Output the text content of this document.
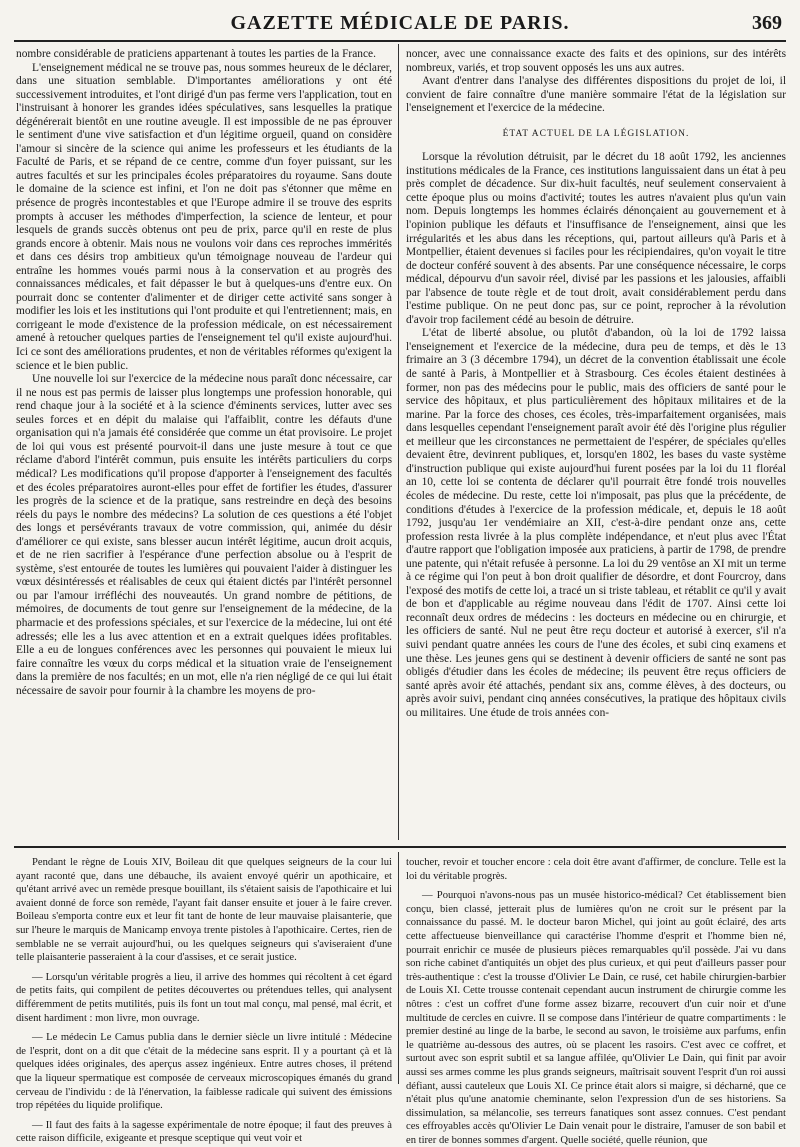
GAZETTE MÉDICALE DE PARIS.	369

nombre considérable de praticiens appartenant à toutes les parties de la France.

L'enseignement médical ne se trouve pas, nous sommes heureux de le déclarer, dans une situation semblable. D'importantes améliorations y ont été successivement introduites, et l'ont dirigé d'un pas ferme vers l'application, tout en l'instruisant à honorer les grandes idées spéculatives, sans lesquelles la pratique dégénérerait bientôt en une routine aveugle. Il est impossible de ne pas éprouver le sentiment d'une vive satisfaction et d'un légitime orgueil, quand on considère l'amour si sincère de la science qui anime les professeurs et les étudiants de la Faculté de Paris, et se répand de ce centre, comme d'un foyer puissant, sur les autres facultés et sur les principales écoles préparatoires du royaume. Sans doute le domaine de la science est infini, et l'on ne doit pas s'étonner que même en présence de progrès incontestables et que l'Europe admire il se trouve des esprits prompts à accuser les méthodes d'imperfection, la science de lenteur, et pour lesquels de grands succès obtenus ont peu de prix, parce qu'il en reste de plus grands encore à obtenir. Mais nous ne voulons voir dans ces reproches immérités et dans ces désirs trop ambitieux qu'un témoignage nouveau de l'ardeur qui entraîne les hommes voués parmi nous à la conservation et au progrès des connaissances médicales, et fait dépasser le but à quelques-uns d'entre eux. On pourrait donc se contenter d'alimenter et de diriger cette activité sans songer à modifier les lois et les institutions qui l'ont produite et qui l'entretiennent; mais, en corrigeant le mode d'existence de la profession médicale, on est nécessairement amené à retoucher quelques parties de l'enseignement tel qu'il existe aujourd'hui. Ici ce sont des améliorations prudentes, et non de véritables réformes qu'exigent la science et le bien public.

Une nouvelle loi sur l'exercice de la médecine nous paraît donc nécessaire, car il ne nous est pas permis de laisser plus longtemps une profession honorable, qui rend chaque jour à la société et à la science d'éminents services, lutter avec ses seules forces et en dépit du malaise qui l'affaiblit, contre les défauts d'une organisation qui n'a jamais été considérée que comme un état provisoire. Le projet de loi qui vous est présenté pourvoit-il dans une juste mesure à tout ce que réclame d'abord l'intérêt commun, puis ensuite les intérêts particuliers du corps médical? Les modifications qu'il propose d'apporter à l'enseignement des facultés et des écoles préparatoires auront-elles pour effet de fortifier les études, d'assurer les progrès de la science et de la pratique, sans restreindre en deçà des besoins réels du pays le nombre des médecins? La solution de ces questions a été l'objet des longs et persévérants travaux de votre commission, qui, animée du désir d'améliorer ce qui existe, sans blesser aucun intérêt légitime, aucun droit acquis, et de ne rien sacrifier à l'espérance d'une perfection absolue ou à l'esprit de système, s'est entourée de toutes les lumières qui pouvaient l'aider à distinguer les vœux désintéressés et réalisables de ceux qui étaient dictés par l'intérêt personnel ou par l'amour irréfléchi des nouveautés. Un grand nombre de pétitions, de mémoires, de documents de tout genre sur l'enseignement de la médecine, de la pharmacie et des professions spéciales, et sur l'exercice de la médecine, lui ont été adressés; elle les a lus avec attention et en a extrait quelques idées profitables. Elle a eu de longues conférences avec les personnes qui pouvaient le mieux lui faire connaître les vœux du corps médical et la situation vraie de l'enseignement dans la première de nos facultés; en un mot, elle n'a rien négligé de ce qui lui était nécessaire de savoir pour fournir à la chambre les moyens de pro-

noncer, avec une connaissance exacte des faits et des opinions, sur des intérêts nombreux, variés, et trop souvent opposés les uns aux autres.

Avant d'entrer dans l'analyse des différentes dispositions du projet de loi, il convient de faire connaître d'une manière sommaire l'état de la législation sur l'enseignement et l'exercice de la médecine.

ÉTAT ACTUEL DE LA LÉGISLATION.

Lorsque la révolution détruisit, par le décret du 18 août 1792, les anciennes institutions médicales de la France, ces institutions languissaient dans un état à peu près complet de décadence. Sur dix-huit facultés, neuf seulement conservaient à cette époque plus ou moins d'activité; toutes les autres n'avaient plus qu'un vain nom. Depuis longtemps les hommes éclairés dénonçaient au gouvernement et à l'opinion publique les défauts et l'insuffisance de l'enseignement, ainsi que les irrégularités et les abus dans les réceptions, qui, partout ailleurs qu'à Paris et à Montpellier, étaient devenues si faciles pour les récipiendaires, qu'on voyait le titre de docteur conféré souvent à des absents. Par une conséquence nécessaire, le corps médical, dépourvu d'un savoir réel, divisé par les passions et les jalousies, affaibli par l'absence de toute règle et de tout droit, avait considérablement perdu dans l'estime publique. On ne peut donc pas, sur ce point, reprocher à la révolution d'avoir trop facilement cédé au besoin de détruire.

L'état de liberté absolue, ou plutôt d'abandon, où la loi de 1792 laissa l'enseignement et l'exercice de la médecine, dura peu de temps, et dès le 13 frimaire an 3 (3 décembre 1794), un décret de la convention établissait une école de santé à Paris, à Montpellier et à Strasbourg. Ces écoles étaient destinées à former, non pas des médecins pour le public, mais des officiers de santé pour le service des hôpitaux, et plus particulièrement des hôpitaux militaires et de la marine. Par la force des choses, ces écoles, très-imparfaitement organisées, mais dans lesquelles cependant l'enseignement paraît avoir été dès l'origine plus régulier et meilleur que les circonstances ne permettaient de l'espérer, de spéciales qu'elles devaient être, devinrent publiques, et, lorsqu'en 1802, les bases du vaste système d'instruction publique qui existe aujourd'hui furent posées par la loi du 11 floréal an 10, cette loi se contenta de déclarer qu'il pourrait être fondé trois nouvelles écoles de médecine. Du reste, cette loi n'imposait, pas plus que la précédente, de conditions d'études à l'exercice de la profession médicale, et, depuis le 18 août 1792, jusqu'au 1er vendémiaire an XII, c'est-à-dire pendant onze ans, cette profession resta livrée à la plus complète indépendance, et n'eut plus avec l'État d'autre rapport que l'obligation imposée aux praticiens, à partir de 1798, de prendre une patente, qui n'était refusée à personne. La loi du 29 ventôse an XI mit un terme à ce régime qui l'on peut à bon droit qualifier de désordre, et dont Fourcroy, dans l'exposé des motifs de cette loi, a tracé un si triste tableau, et rétablit ce qu'il y avait de bon et d'applicable au régime nouveau dans l'édit de 1707. Ainsi cette loi reconnaît deux ordres de médecins : les docteurs en médecine ou en chirurgie, et les officiers de santé. Nul ne peut être reçu docteur et autorisé à exercer, s'il n'a suivi pendant quatre années les cours de l'une des écoles, et subi cinq examens et une thèse. Les jeunes gens qui se destinent à devenir officiers de santé ne sont pas obligés d'étudier dans les écoles de médecine; ils peuvent être reçus officiers de santé après avoir été attachés, pendant six ans, comme élèves, à des docteurs, ou après avoir suivi, pendant cinq années consécutives, la pratique des hôpitaux civils ou militaires. Une étude de trois années con-

Pendant le règne de Louis XIV, Boileau dit que quelques seigneurs de la cour lui ayant raconté que, dans une débauche, ils avaient envoyé quérir un apothicaire, et qu'étant arrivé avec un remède presque bouillant, ils s'étaient saisis de l'apothicaire et lui avaient donné de force son remède, l'ayant fait danser ensuite et jouer à le faire crever. Boileau s'emporta contre eux et leur fit tant de honte de leur mauvaise plaisanterie, que sur l'heure le marquis de Manicamp envoya trente pistoles à l'apothicaire. Certes, rien de semblable ne se verrait aujourd'hui, ou les quelques seigneurs qui s'aviseraient d'une telle plaisanterie passeraient à la cour d'assises, et ce serait justice.

— Lorsqu'un véritable progrès a lieu, il arrive des hommes qui récoltent à cet égard de petits faits, qui compilent de petites découvertes ou prétendues telles, qui analysent différemment de petits mutilités, puis ils font un tout mal conçu, mal pensé, mal écrit, et disent hardiment : mon livre, mon ouvrage.

— Le médecin Le Camus publia dans le dernier siècle un livre intitulé : Médecine de l'esprit, dont on a dit que c'était de la médecine sans esprit. Il y a pourtant çà et là quelques idées originales, des aperçus assez ingénieux. Entre autres choses, il prétend que la liqueur spermatique est composée de cerveaux microscopiques émanés du grand cerveau de l'individu : de là l'énervation, la faiblesse radicale qui suivent des émissions trop répétées du liquide prolifique.

— Il faut des faits à la sagesse expérimentale de notre époque; il faut des preuves à cette raison difficile, exigeante et presque sceptique qui veut voir et

toucher, revoir et toucher encore : cela doit être avant d'affirmer, de conclure. Telle est la loi du véritable progrès.

— Pourquoi n'avons-nous pas un musée historico-médical? Cet établissement bien conçu, bien classé, jetterait plus de lumières qu'on ne croit sur le présent par la connaissance du passé. M. le docteur baron Michel, qui joint au goût éclairé, des arts cette affectueuse bienveillance qui caractérise l'homme d'esprit et l'homme bien né, pourrait enrichir ce musée de plusieurs pièces remarquables qu'il possède. J'ai vu dans son riche cabinet d'antiquités un objet des plus curieux, et qui peut d'ailleurs passer pour très-authentique : c'est la trousse d'Olivier Le Dain, ce rusé, cet habile chirurgien-barbier de Louis XI. Cette trousse contenait cependant aucun instrument de chirurgie comme les nôtres : c'est un coffret d'une forme assez bizarre, recouvert d'un cuir noir et d'une multitude de cercles en cuivre. Il se compose dans l'intérieur de quatre compartiments : le premier destiné au linge de la barbe, le second au savon, le troisième aux parfums, enfin le quatrième au-dessous des autres, où se placent les rasoirs. C'est avec ce coffret, et surtout avec son esprit subtil et sa langue affilée, qu'Olivier Le Dain, qui finit par avoir aussi ses armes comme les plus grands seigneurs, maîtrisait souvent l'esprit d'un roi aussi défiant, aussi cauteleux que Louis XI. Ce prince était alors si maigre, si décharné, que ce n'était plus qu'une anatomie cheminante, selon l'expression d'un de ses historiens. Sa dissimulation, sa mélancolie, ses terreurs fanatiques sont assez connues. C'est pendant ces effroyables accès qu'Olivier Le Dain venait pour le distraire, l'amuser de son babil et en tirer de bonnes sommes d'argent. Quelle société, quelle réunion, que
